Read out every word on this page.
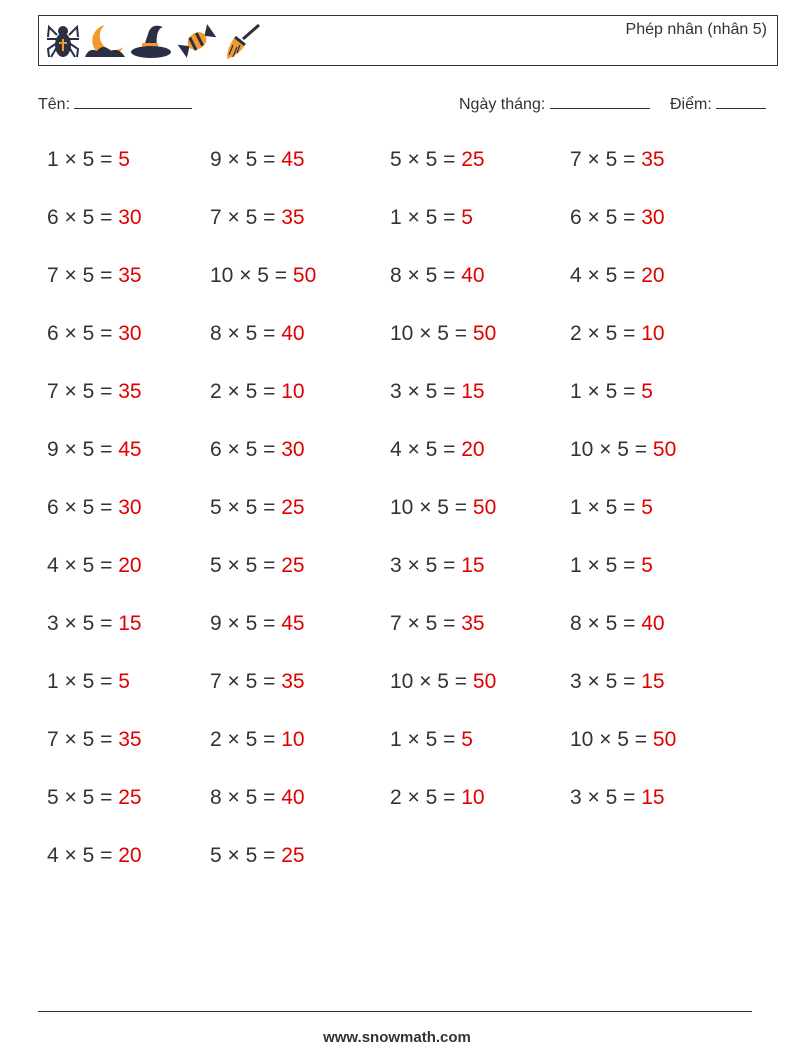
Phép nhân (nhân 5)
Tên:	Ngày tháng:	Điểm:
1 × 5 = 5	9 × 5 = 45	5 × 5 = 25	7 × 5 = 35
6 × 5 = 30	7 × 5 = 35	1 × 5 = 5	6 × 5 = 30
7 × 5 = 35	10 × 5 = 50	8 × 5 = 40	4 × 5 = 20
6 × 5 = 30	8 × 5 = 40	10 × 5 = 50	2 × 5 = 10
7 × 5 = 35	2 × 5 = 10	3 × 5 = 15	1 × 5 = 5
9 × 5 = 45	6 × 5 = 30	4 × 5 = 20	10 × 5 = 50
6 × 5 = 30	5 × 5 = 25	10 × 5 = 50	1 × 5 = 5
4 × 5 = 20	5 × 5 = 25	3 × 5 = 15	1 × 5 = 5
3 × 5 = 15	9 × 5 = 45	7 × 5 = 35	8 × 5 = 40
1 × 5 = 5	7 × 5 = 35	10 × 5 = 50	3 × 5 = 15
7 × 5 = 35	2 × 5 = 10	1 × 5 = 5	10 × 5 = 50
5 × 5 = 25	8 × 5 = 40	2 × 5 = 10	3 × 5 = 15
4 × 5 = 20	5 × 5 = 25
www.snowmath.com
